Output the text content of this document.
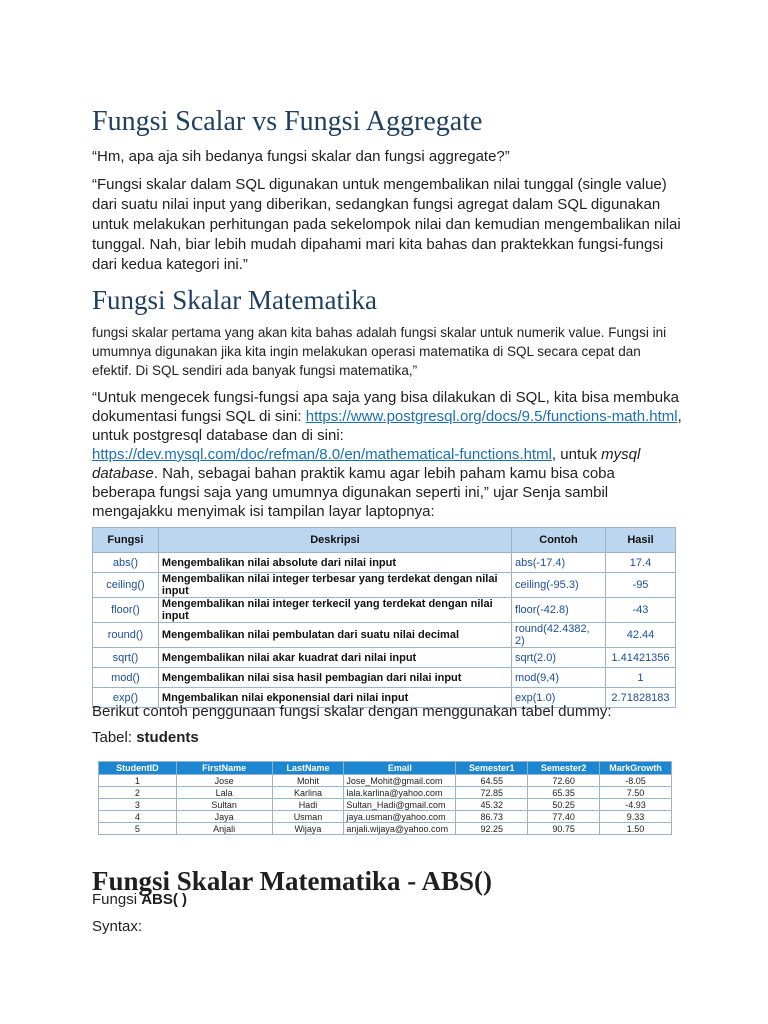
Fungsi Scalar vs Fungsi Aggregate

“Hm, apa aja sih bedanya fungsi skalar dan fungsi aggregate?”

“Fungsi skalar dalam SQL digunakan untuk mengembalikan nilai tunggal (single value) dari suatu nilai input yang diberikan, sedangkan fungsi agregat dalam SQL digunakan untuk melakukan perhitungan pada sekelompok nilai dan kemudian mengembalikan nilai tunggal. Nah, biar lebih mudah dipahami mari kita bahas dan praktekkan fungsi-fungsi dari kedua kategori ini.”

Fungsi Skalar Matematika

fungsi skalar pertama yang akan kita bahas adalah fungsi skalar untuk numerik value. Fungsi ini umumnya digunakan jika kita ingin melakukan operasi matematika di SQL secara cepat dan efektif. Di SQL sendiri ada banyak fungsi matematika,”

“Untuk mengecek fungsi-fungsi apa saja yang bisa dilakukan di SQL, kita bisa membuka dokumentasi fungsi SQL di sini: https://www.postgresql.org/docs/9.5/functions-math.html, untuk postgresql database dan di sini: https://dev.mysql.com/doc/refman/8.0/en/mathematical-functions.html, untuk mysql database. Nah, sebagai bahan praktik kamu agar lebih paham kamu bisa coba beberapa fungsi saja yang umumnya digunakan seperti ini,” ujar Senja sambil mengajakku menyimak isi tampilan layar laptopnya:

Fungsi	Deskripsi	Contoh	Hasil
abs()	Mengembalikan nilai absolute dari nilai input	abs(-17.4)	17.4
ceiling()	Mengembalikan nilai integer terbesar yang terdekat dengan nilai input	ceiling(-95.3)	-95
floor()	Mengembalikan nilai integer terkecil yang terdekat dengan nilai input	floor(-42.8)	-43
round()	Mengembalikan nilai pembulatan dari suatu nilai decimal	round(42.4382, 2)	42.44
sqrt()	Mengembalikan nilai akar kuadrat dari nilai input	sqrt(2.0)	1.41421356
mod()	Mengembalikan nilai sisa hasil pembagian dari nilai input	mod(9,4)	1
exp()	Mngembalikan nilai ekponensial dari nilai input	exp(1.0)	2.71828183

Berikut contoh penggunaan fungsi skalar dengan menggunakan tabel dummy:

Tabel: students

StudentID	FirstName	LastName	Email	Semester1	Semester2	MarkGrowth
1	Jose	Mohit	Jose_Mohit@gmail.com	64.55	72.60	-8.05
2	Lala	Karlina	lala.karlina@yahoo.com	72.85	65.35	7.50
3	Sultan	Hadi	Sultan_Hadi@gmail.com	45.32	50.25	-4.93
4	Jaya	Usman	jaya.usman@yahoo.com	86.73	77.40	9.33
5	Anjali	Wijaya	anjali.wijaya@yahoo.com	92.25	90.75	1.50
Fungsi Skalar Matematika - ABS()

Fungsi ABS( )

Syntax:
